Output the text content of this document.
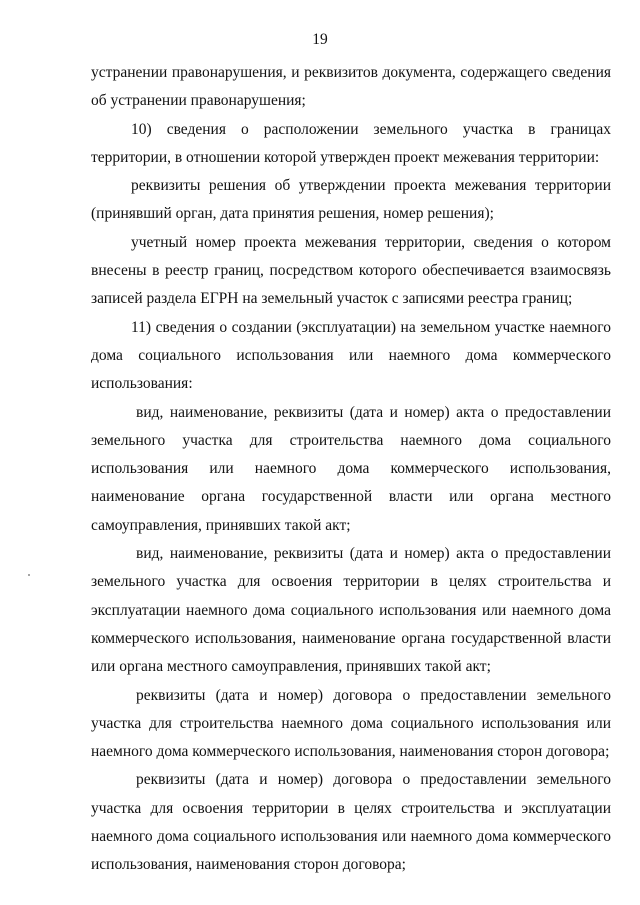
19

устранении правонарушения, и реквизитов документа, содержащего сведения об устранении правонарушения;

10) сведения о расположении земельного участка в границах территории, в отношении которой утвержден проект межевания территории:

реквизиты решения об утверждении проекта межевания территории (принявший орган, дата принятия решения, номер решения);

учетный номер проекта межевания территории, сведения о котором внесены в реестр границ, посредством которого обеспечивается взаимосвязь записей раздела ЕГРН на земельный участок с записями реестра границ;

11) сведения о создании (эксплуатации) на земельном участке наемного дома социального использования или наемного дома коммерческого использования:

вид, наименование, реквизиты (дата и номер) акта о предоставлении земельного участка для строительства наемного дома социального использования или наемного дома коммерческого использования, наименование органа государственной власти или органа местного самоуправления, принявших такой акт;

вид, наименование, реквизиты (дата и номер) акта о предоставлении земельного участка для освоения территории в целях строительства и эксплуатации наемного дома социального использования или наемного дома коммерческого использования, наименование органа государственной власти или органа местного самоуправления, принявших такой акт;

реквизиты (дата и номер) договора о предоставлении земельного участка для строительства наемного дома социального использования или наемного дома коммерческого использования, наименования сторон договора;

реквизиты (дата и номер) договора о предоставлении земельного участка для освоения территории в целях строительства и эксплуатации наемного дома социального использования или наемного дома коммерческого использования, наименования сторон договора;
